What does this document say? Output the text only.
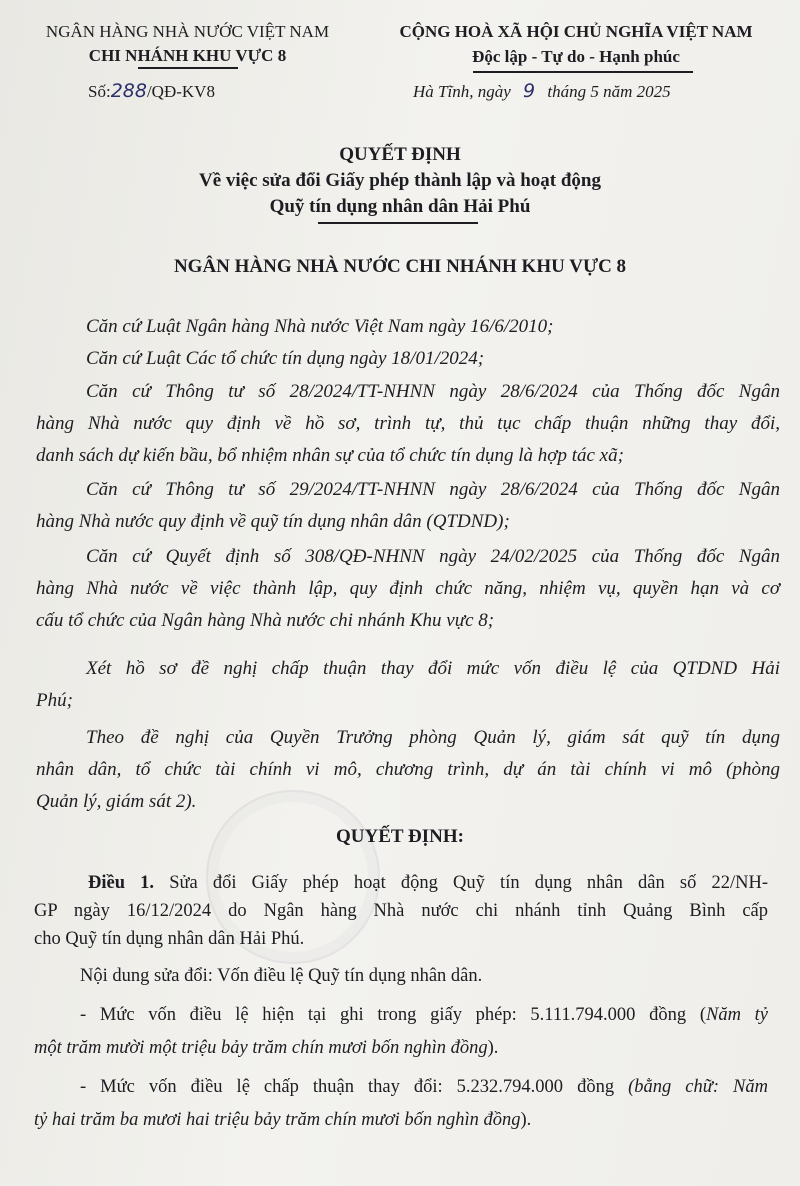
NGÂN HÀNG NHÀ NƯỚC VIỆT NAM
CHI NHÁNH KHU VỰC 8
Số:288/QĐ-KV8
CỘNG HOÀ XÃ HỘI CHỦ NGHĨA VIỆT NAM
Độc lập - Tự do - Hạnh phúc
Hà Tĩnh, ngày 9 tháng 5 năm 2025
QUYẾT ĐỊNH
Về việc sửa đổi Giấy phép thành lập và hoạt động
Quỹ tín dụng nhân dân Hải Phú
NGÂN HÀNG NHÀ NƯỚC CHI NHÁNH KHU VỰC 8
Căn cứ Luật Ngân hàng Nhà nước Việt Nam ngày 16/6/2010;
Căn cứ Luật Các tổ chức tín dụng ngày 18/01/2024;
Căn cứ Thông tư số 28/2024/TT-NHNN ngày 28/6/2024 của Thống đốc Ngân
hàng Nhà nước quy định về hồ sơ, trình tự, thủ tục chấp thuận những thay đổi,
danh sách dự kiến bầu, bổ nhiệm nhân sự của tổ chức tín dụng là hợp tác xã;
Căn cứ Thông tư số 29/2024/TT-NHNN ngày 28/6/2024 của Thống đốc Ngân
hàng Nhà nước quy định về quỹ tín dụng nhân dân (QTDND);
Căn cứ Quyết định số 308/QĐ-NHNN ngày 24/02/2025 của Thống đốc Ngân
hàng Nhà nước về việc thành lập, quy định chức năng, nhiệm vụ, quyền hạn và cơ
cấu tổ chức của Ngân hàng Nhà nước chi nhánh Khu vực 8;
Xét hồ sơ đề nghị chấp thuận thay đổi mức vốn điều lệ của QTDND Hải
Phú;
Theo đề nghị của Quyền Trưởng phòng Quản lý, giám sát quỹ tín dụng
nhân dân, tổ chức tài chính vi mô, chương trình, dự án tài chính vi mô (phòng
Quản lý, giám sát 2).
QUYẾT ĐỊNH:
Điều 1. Sửa đổi Giấy phép hoạt động Quỹ tín dụng nhân dân số 22/NH-
GP ngày 16/12/2024 do Ngân hàng Nhà nước chi nhánh tỉnh Quảng Bình cấp
cho Quỹ tín dụng nhân dân Hải Phú.
Nội dung sửa đổi: Vốn điều lệ Quỹ tín dụng nhân dân.
- Mức vốn điều lệ hiện tại ghi trong giấy phép: 5.111.794.000 đồng (Năm tỷ
một trăm mười một triệu bảy trăm chín mươi bốn nghìn đồng).
- Mức vốn điều lệ chấp thuận thay đổi: 5.232.794.000 đồng (bằng chữ: Năm
tỷ hai trăm ba mươi hai triệu bảy trăm chín mươi bốn nghìn đồng).
